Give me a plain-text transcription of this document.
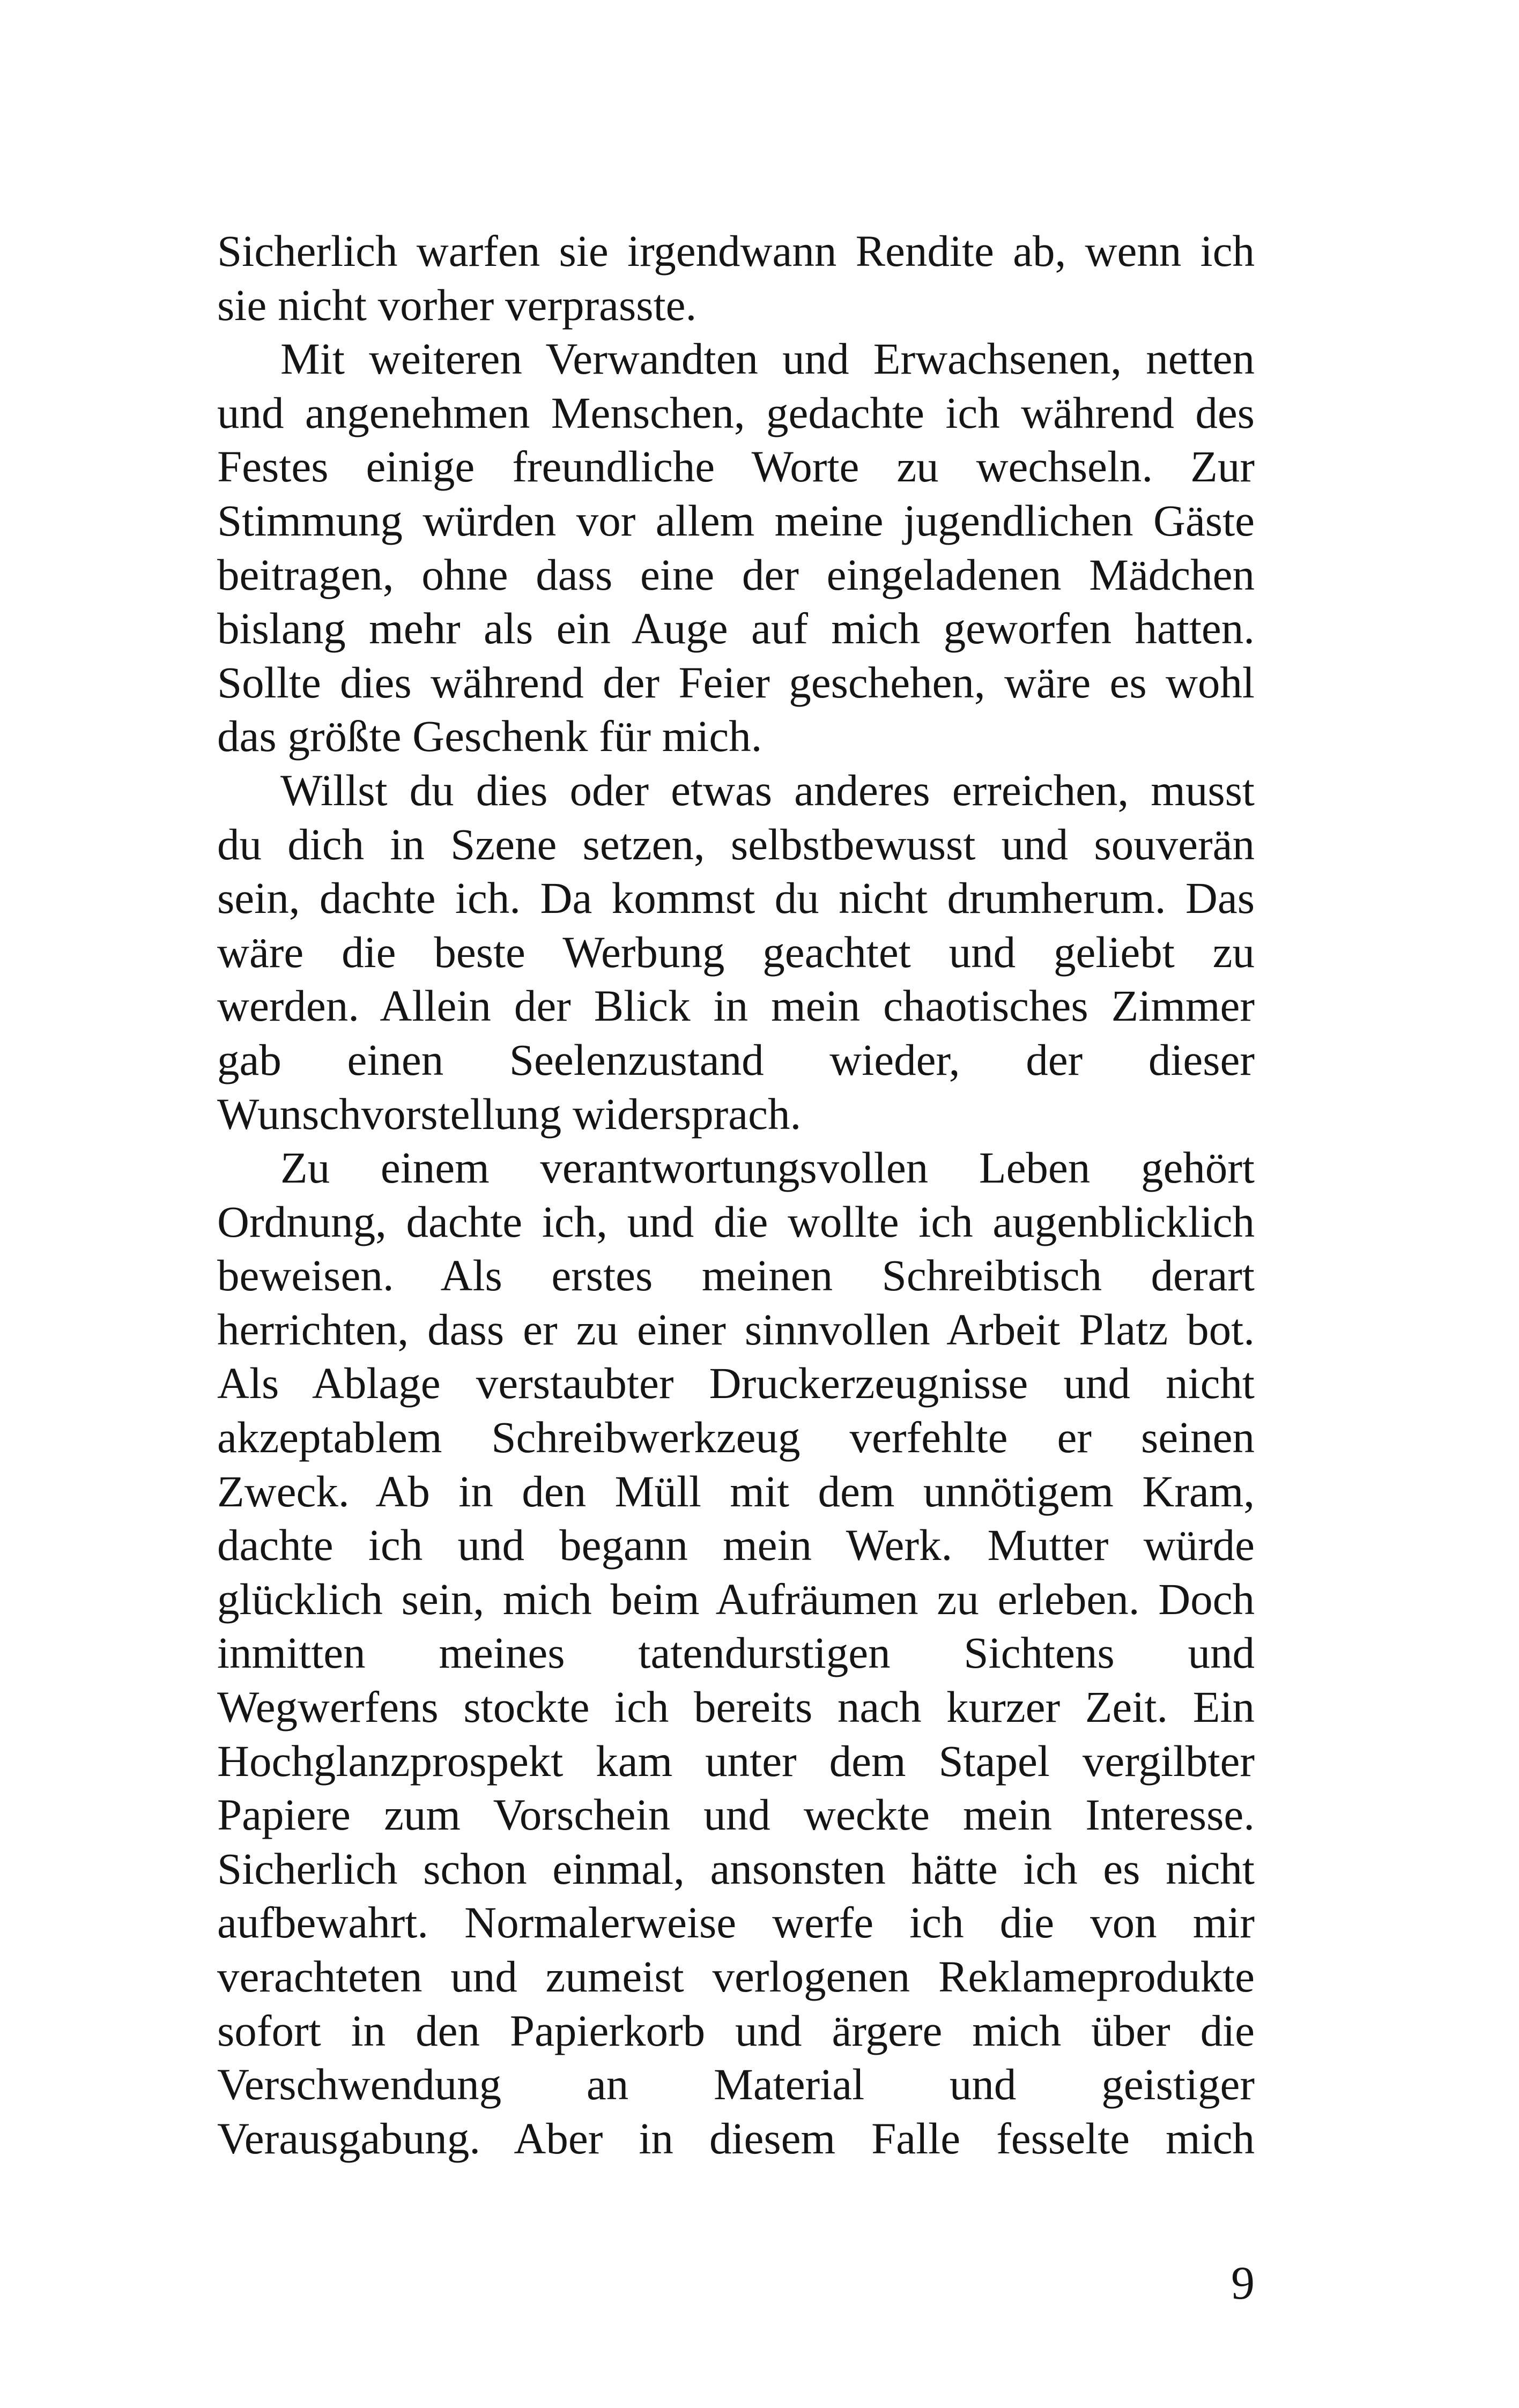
Sicherlich warfen sie irgendwann Rendite ab, wenn ich
sie nicht vorher verprasste.
Mit weiteren Verwandten und Erwachsenen, netten
und angenehmen Menschen, gedachte ich während des
Festes einige freundliche Worte zu wechseln. Zur
Stimmung würden vor allem meine jugendlichen Gäste
beitragen, ohne dass eine der eingeladenen Mädchen
bislang mehr als ein Auge auf mich geworfen hatten.
Sollte dies während der Feier geschehen, wäre es wohl
das größte Geschenk für mich.
Willst du dies oder etwas anderes erreichen, musst
du dich in Szene setzen, selbstbewusst und souverän
sein, dachte ich. Da kommst du nicht drumherum. Das
wäre die beste Werbung geachtet und geliebt zu
werden. Allein der Blick in mein chaotisches Zimmer
gab einen Seelenzustand wieder, der dieser
Wunschvorstellung widersprach.
Zu einem verantwortungsvollen Leben gehört
Ordnung, dachte ich, und die wollte ich augenblicklich
beweisen. Als erstes meinen Schreibtisch derart
herrichten, dass er zu einer sinnvollen Arbeit Platz bot.
Als Ablage verstaubter Druckerzeugnisse und nicht
akzeptablem Schreibwerkzeug verfehlte er seinen
Zweck. Ab in den Müll mit dem unnötigem Kram,
dachte ich und begann mein Werk. Mutter würde
glücklich sein, mich beim Aufräumen zu erleben. Doch
inmitten meines tatendurstigen Sichtens und
Wegwerfens stockte ich bereits nach kurzer Zeit. Ein
Hochglanzprospekt kam unter dem Stapel vergilbter
Papiere zum Vorschein und weckte mein Interesse.
Sicherlich schon einmal, ansonsten hätte ich es nicht
aufbewahrt. Normalerweise werfe ich die von mir
verachteten und zumeist verlogenen Reklameprodukte
sofort in den Papierkorb und ärgere mich über die
Verschwendung an Material und geistiger
Verausgabung. Aber in diesem Falle fesselte mich
9
